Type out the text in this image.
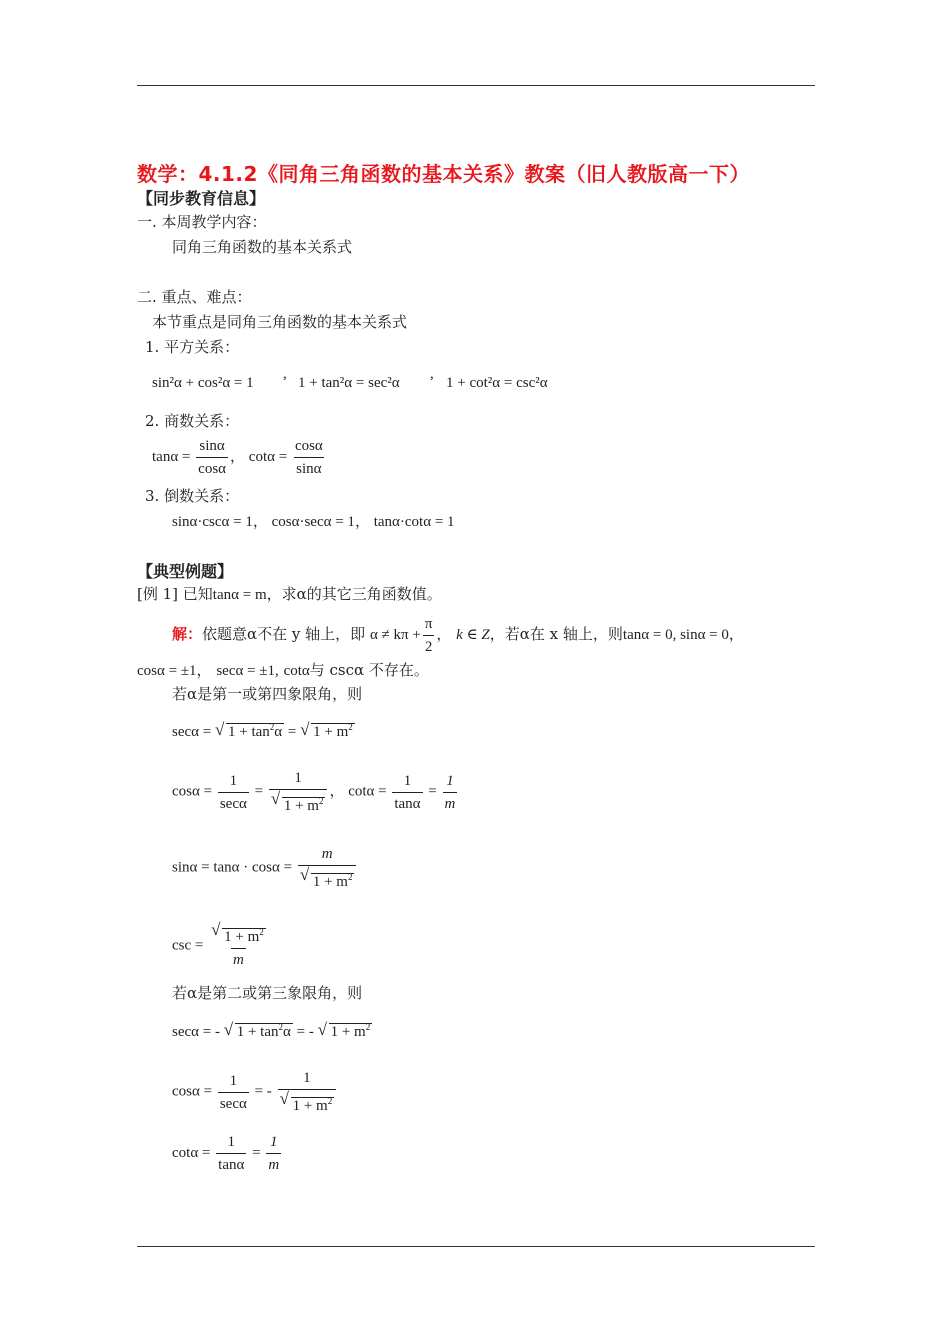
数学：4.1.2《同角三角函数的基本关系》教案（旧人教版高一下）
【同步教育信息】
一. 本周教学内容：
同角三角函数的基本关系式
二. 重点、难点：
本节重点是同角三角函数的基本关系式
1. 平方关系：
sin²α + cos²α = 1	1 + tan²α = sec²α	1 + cot²α = csc²α
,	,
2. 商数关系：
$\tan\alpha = \frac{\sin\alpha}{\cos\alpha}$ ， $\cot\alpha = \frac{\cos\alpha}{\sin\alpha}$
3. 倒数关系：
sinα·cscα = 1， cosα·secα = 1， tanα·cotα = 1
【典型例题】
[例 1] 已知tanα = m，求α的其它三角函数值。
解：依题意α不在 y 轴上，即 $\alpha \ne k\pi + \frac{\pi}{2}$ ， k ∈ Z，若α在 x 轴上，则tanα = 0, sinα = 0，
cosα = ±1， secα = ±1, cotα与 cscα 不存在。
若α是第一或第四象限角，则
secα = √ $1 + \tan^2\alpha$ = √ $1 + m^2$
$\cos\alpha = \frac{1}{\sec\alpha} = 1$
√ $1 + m^2$ ， $\cot\alpha = \frac{1}{\tan\alpha} = \frac{1}{m}$
sinα = tanα · cosα = m
√ $1 + m^2$
csc =
√ $\frac{1 + m^2}{m}$
若α是第二或第三象限角，则
secα = - √ $1 + \tan^2\alpha$ = - √ $1 + m^2$
$\cos\alpha = \frac{1}{\sec\alpha}$ = - 1
√ $1 + m^2$
$\cot\alpha = \frac{1}{\tan\alpha} = \frac{1}{m}$
